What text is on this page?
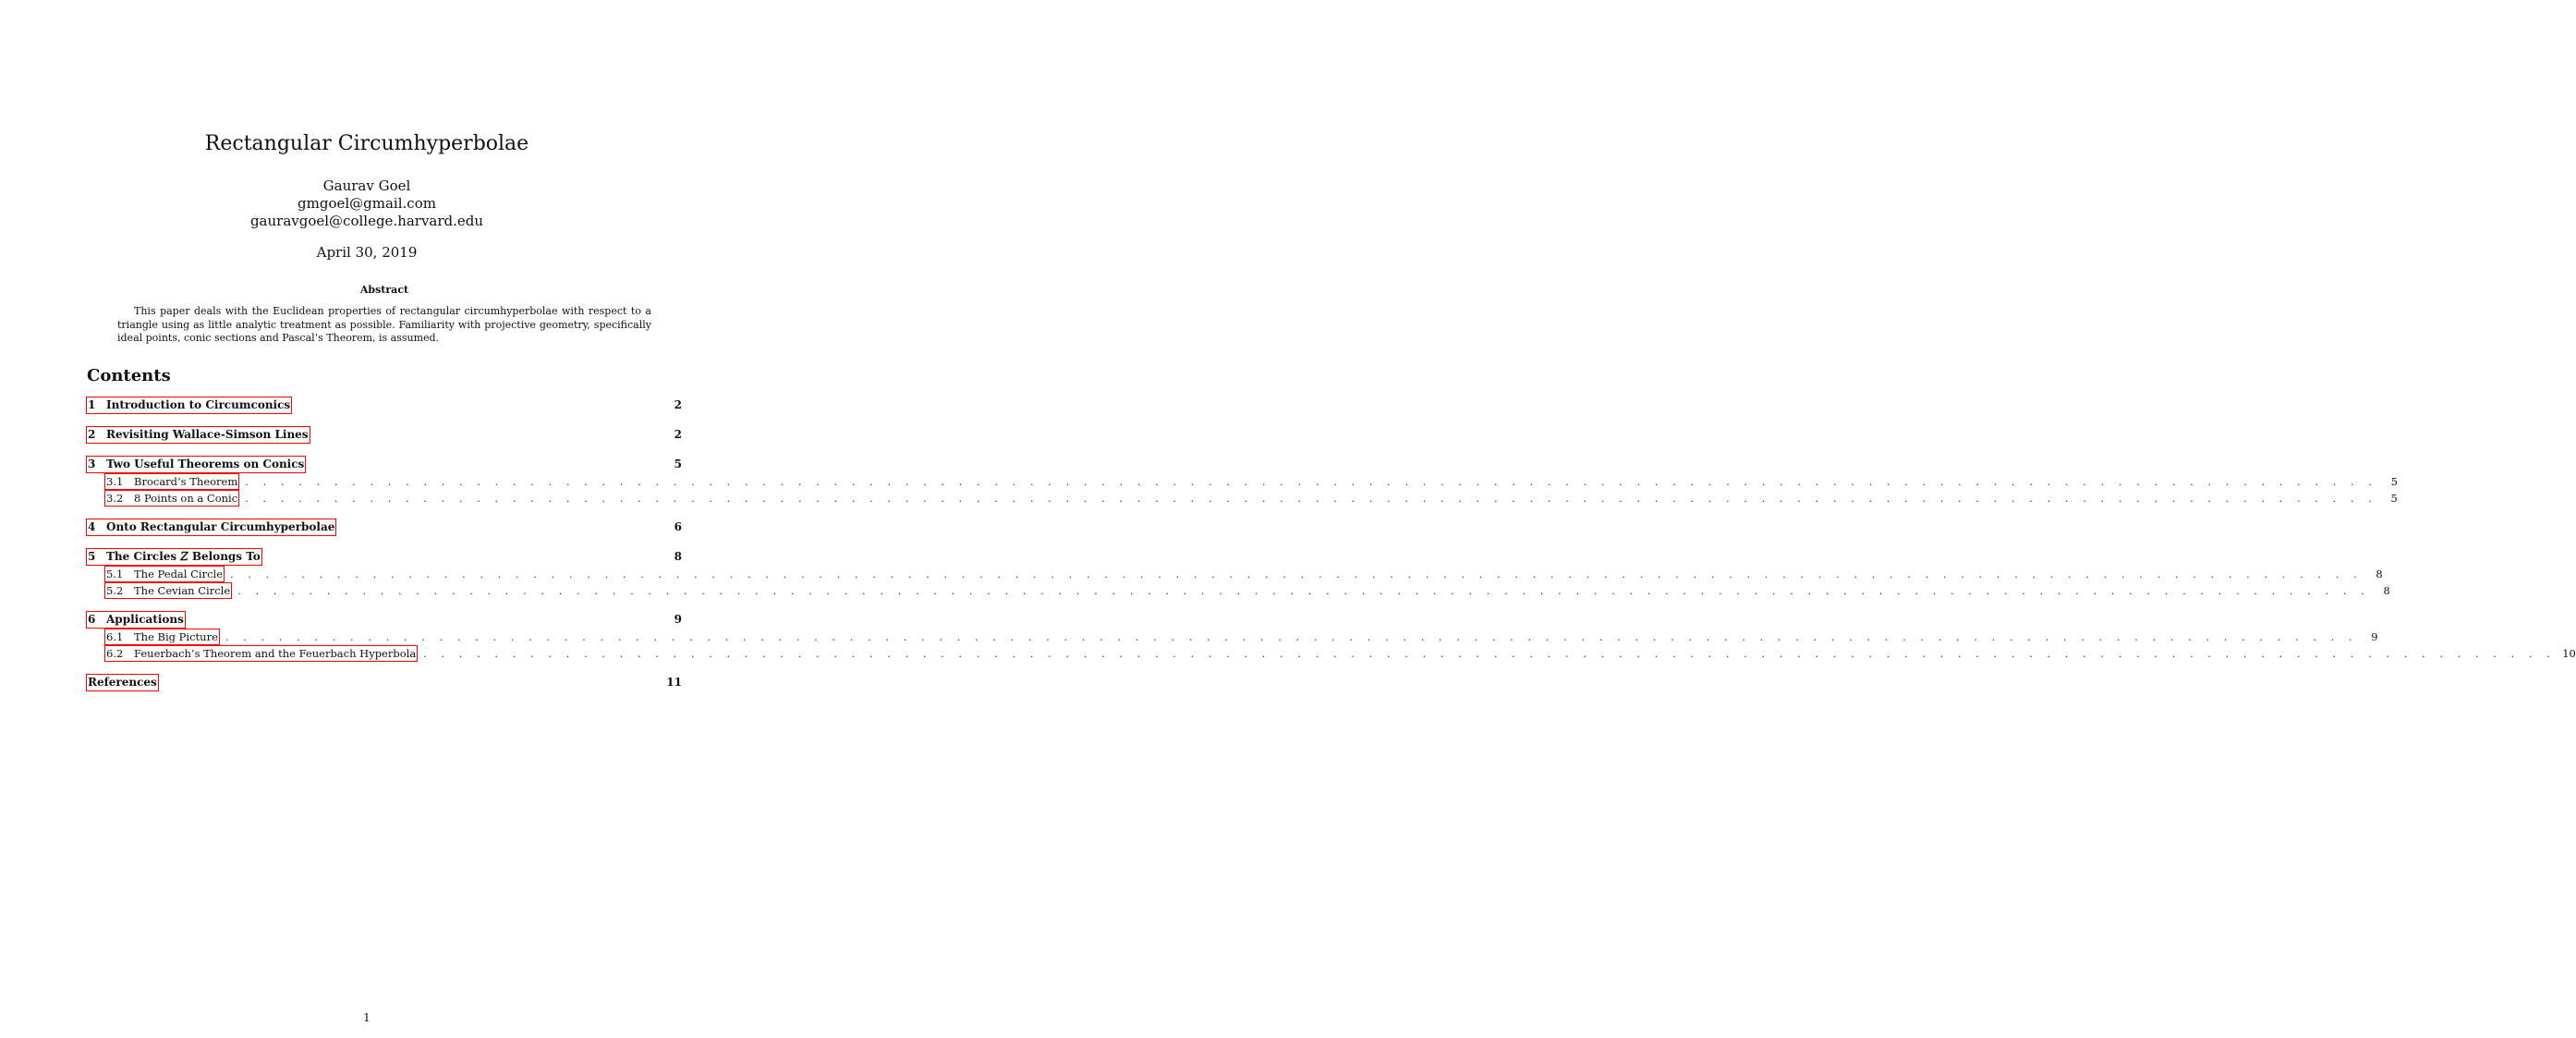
Rectangular Circumhyperbolae
Gaurav Goel
gmgoel@gmail.com
gauravgoel@college.harvard.edu
April 30, 2019
Abstract

This paper deals with the Euclidean properties of rectangular circumhyperbolae with respect to a triangle using as little analytic treatment as possible. Familiarity with projective geometry, specifically ideal points, conic sections and Pascal’s Theorem, is assumed.

Contents
1 Introduction to Circumconics	2
2 Revisiting Wallace-Simson Lines	2
3 Two Useful Theorems on Conics	5
3.1 Brocard’s Theorem . . . . . . . . . . . . . . . . . . . . . . . . . . . . . . . . . . . . . . . . . . . . . . . . . . . . . . . . . . . . . . . . . . . . . . . . . . . . . . . . . . . . . . . . . . . . . . . . . . . . . . . . . . . . . . . . . . . . . . . .	5
3.2 8 Points on a Conic . . . . . . . . . . . . . . . . . . . . . . . . . . . . . . . . . . . . . . . . . . . . . . . . . . . . . . . . . . . . . . . . . . . . . . . . . . . . . . . . . . . . . . . . . . . . . . . . . . . . . . . . . . . . . . . . . . . . . . . .	5
4 Onto Rectangular Circumhyperbolae	6
5 The Circles 𝑍 Belongs To	8
5.1 The Pedal Circle . . . . . . . . . . . . . . . . . . . . . . . . . . . . . . . . . . . . . . . . . . . . . . . . . . . . . . . . . . . . . . . . . . . . . . . . . . . . . . . . . . . . . . . . . . . . . . . . . . . . . . . . . . . . . . . . . . . . . . . .	8
5.2 The Cevian Circle . . . . . . . . . . . . . . . . . . . . . . . . . . . . . . . . . . . . . . . . . . . . . . . . . . . . . . . . . . . . . . . . . . . . . . . . . . . . . . . . . . . . . . . . . . . . . . . . . . . . . . . . . . . . . . . . . . . . . . . .	8
6 Applications	9
6.1 The Big Picture . . . . . . . . . . . . . . . . . . . . . . . . . . . . . . . . . . . . . . . . . . . . . . . . . . . . . . . . . . . . . . . . . . . . . . . . . . . . . . . . . . . . . . . . . . . . . . . . . . . . . . . . . . . . . . . . . . . . . . . .	9
6.2 Feuerbach’s Theorem and the Feuerbach Hyperbola . . . . . . . . . . . . . . . . . . . . . . . . . . . . . . . . . . . . . . . . . . . . . . . . . . . . . . . . . . . . . . . . . . . . . . . . . . . . . . . . . . . . . . . . . . . . . . . . . . . . . . . . . . . . . . . . . . . . . . . . 10
References	11
1
